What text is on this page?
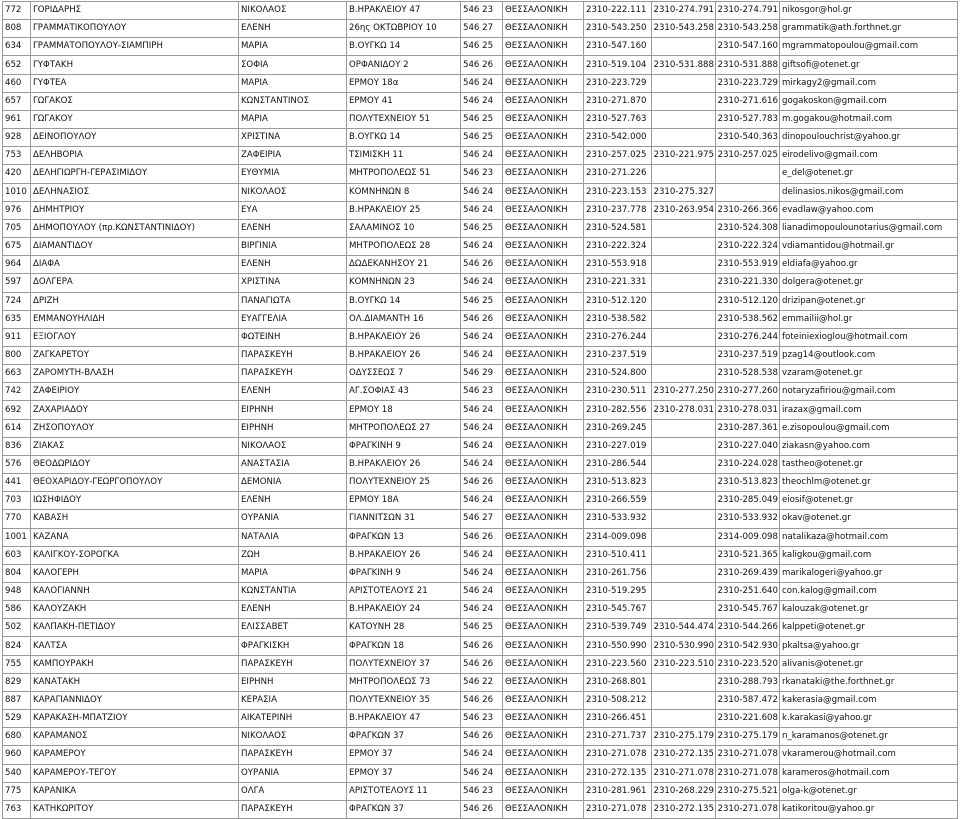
772	ΓΟΡΙΔΑΡΗΣ	ΝΙΚΟΛΑΟΣ	Β.ΗΡΑΚΛΕΙΟΥ 47	546 23	ΘΕΣΣΑΛΟΝΙΚΗ	2310-222.111	2310-274.791	2310-274.791	nikosgor@hol.gr
808	ΓΡΑΜΜΑΤΙΚΟΠΟΥΛΟΥ	ΕΛΕΝΗ	26ης ΟΚΤΩΒΡΙΟΥ 10	546 27	ΘΕΣΣΑΛΟΝΙΚΗ	2310-543.250	2310-543.258	2310-543.258	grammatik@ath.forthnet.gr
634	ΓΡΑΜΜΑΤΟΠΟΥΛΟΥ-ΣΙΑΜΠΙΡΗ	ΜΑΡΙΑ	Β.ΟΥΓΚΩ 14	546 25	ΘΕΣΣΑΛΟΝΙΚΗ	2310-547.160		2310-547.160	mgrammatopoulou@gmail.com
652	ΓΥΦΤΑΚΗ	ΣΟΦΙΑ	ΟΡΦΑΝΙΔΟΥ 2	546 26	ΘΕΣΣΑΛΟΝΙΚΗ	2310-519.104	2310-531.888	2310-531.888	giftsofi@otenet.gr
460	ΓΥΦΤΕΑ	ΜΑΡΙΑ	ΕΡΜΟΥ 18α	546 24	ΘΕΣΣΑΛΟΝΙΚΗ	2310-223.729		2310-223.729	mirkagy2@gmail.com
657	ΓΩΓΑΚΟΣ	ΚΩΝΣΤΑΝΤΙΝΟΣ	ΕΡΜΟΥ 41	546 24	ΘΕΣΣΑΛΟΝΙΚΗ	2310-271.870		2310-271.616	gogakoskon@gmail.com
961	ΓΩΓΑΚΟΥ	ΜΑΡΙΑ	ΠΟΛΥΤΕΧΝΕΙΟΥ 51	546 25	ΘΕΣΣΑΛΟΝΙΚΗ	2310-527.763		2310-527.783	m.gogakou@hotmail.com
928	ΔΕΙΝΟΠΟΥΛΟΥ	ΧΡΙΣΤΙΝΑ	Β.ΟΥΓΚΩ 14	546 25	ΘΕΣΣΑΛΟΝΙΚΗ	2310-542.000		2310-540.363	dinopoulouchrist@yahoo.gr
753	ΔΕΛΗΒΟΡΙΑ	ΖΑΦΕΙΡΙΑ	ΤΣΙΜΙΣΚΗ 11	546 24	ΘΕΣΣΑΛΟΝΙΚΗ	2310-257.025	2310-221.975	2310-257.025	eirodelivo@gmail.com
420	ΔΕΛΗΓΙΩΡΓΗ-ΓΕΡΑΣΙΜΙΔΟΥ	ΕΥΘΥΜΙΑ	ΜΗΤΡΟΠΟΛΕΩΣ 51	546 23	ΘΕΣΣΑΛΟΝΙΚΗ	2310-271.226			e_del@otenet.gr
1010	ΔΕΛΗΝΑΣΙΟΣ	ΝΙΚΟΛΑΟΣ	ΚΟΜΝΗΝΩΝ 8	546 24	ΘΕΣΣΑΛΟΝΙΚΗ	2310-223.153	2310-275.327		delinasios.nikos@gmail.com
976	ΔΗΜΗΤΡΙΟΥ	ΕΥΑ	Β.ΗΡΑΚΛΕΙΟΥ 25	546 24	ΘΕΣΣΑΛΟΝΙΚΗ	2310-237.778	2310-263.954	2310-266.366	evadlaw@yahoo.com
705	ΔΗΜΟΠΟΥΛΟΥ (πρ.ΚΩΝΣΤΑΝΤΙΝΙΔΟΥ)	ΕΛΕΝΗ	ΣΑΛΑΜΙΝΟΣ 10	546 25	ΘΕΣΣΑΛΟΝΙΚΗ	2310-524.581		2310-524.308	lianadimopoulounotarius@gmail.com
675	ΔΙΑΜΑΝΤΙΔΟΥ	ΒΙΡΓΙΝΙΑ	ΜΗΤΡΟΠΟΛΕΩΣ 28	546 24	ΘΕΣΣΑΛΟΝΙΚΗ	2310-222.324		2310-222.324	vdiamantidou@hotmail.gr
964	ΔΙΑΦΑ	ΕΛΕΝΗ	ΔΩΔΕΚΑΝΗΣΟΥ 21	546 26	ΘΕΣΣΑΛΟΝΙΚΗ	2310-553.918		2310-553.919	eldiafa@yahoo.gr
597	ΔΟΛΓΕΡΑ	ΧΡΙΣΤΙΝΑ	ΚΟΜΝΗΝΩΝ 23	546 24	ΘΕΣΣΑΛΟΝΙΚΗ	2310-221.331		2310-221.330	dolgera@otenet.gr
724	ΔΡΙΖΗ	ΠΑΝΑΓΙΩΤΑ	Β.ΟΥΓΚΩ 14	546 25	ΘΕΣΣΑΛΟΝΙΚΗ	2310-512.120		2310-512.120	drizipan@otenet.gr
635	ΕΜΜΑΝΟΥΗΛΙΔΗ	ΕΥΑΓΓΕΛΙΑ	ΟΛ.ΔΙΑΜΑΝΤΗ 16	546 26	ΘΕΣΣΑΛΟΝΙΚΗ	2310-538.582		2310-538.562	emmailii@hol.gr
911	ΕΞΙΟΓΛΟΥ	ΦΩΤΕΙΝΗ	Β.ΗΡΑΚΛΕΙΟΥ 26	546 24	ΘΕΣΣΑΛΟΝΙΚΗ	2310-276.244		2310-276.244	foteiniexioglou@hotmail.com
800	ΖΑΓΚΑΡΕΤΟΥ	ΠΑΡΑΣΚΕΥΗ	Β.ΗΡΑΚΛΕΙΟΥ 26	546 24	ΘΕΣΣΑΛΟΝΙΚΗ	2310-237.519		2310-237.519	pzag14@outlook.com
663	ΖΑΡΟΜΥΤΗ-ΒΛΑΣΗ	ΠΑΡΑΣΚΕΥΗ	ΟΔΥΣΣΕΩΣ 7	546 29	ΘΕΣΣΑΛΟΝΙΚΗ	2310-524.800		2310-528.538	vzaram@otenet.gr
742	ΖΑΦΕΙΡΙΟΥ	ΕΛΕΝΗ	ΑΓ.ΣΟΦΙΑΣ 43	546 23	ΘΕΣΣΑΛΟΝΙΚΗ	2310-230.511	2310-277.250	2310-277.260	notaryzafiriou@gmail.com
692	ΖΑΧΑΡΙΑΔΟΥ	ΕΙΡΗΝΗ	ΕΡΜΟΥ 18	546 24	ΘΕΣΣΑΛΟΝΙΚΗ	2310-282.556	2310-278.031	2310-278.031	irazax@gmail.com
614	ΖΗΣΟΠΟΥΛΟΥ	ΕΙΡΗΝΗ	ΜΗΤΡΟΠΟΛΕΩΣ 27	546 24	ΘΕΣΣΑΛΟΝΙΚΗ	2310-269.245		2310-287.361	e.zisopoulou@gmail.com
836	ΖΙΑΚΑΣ	ΝΙΚΟΛΑΟΣ	ΦΡΑΓΚΙΝΗ 9	546 24	ΘΕΣΣΑΛΟΝΙΚΗ	2310-227.019		2310-227.040	ziakasn@yahoo.com
576	ΘΕΟΔΩΡΙΔΟΥ	ΑΝΑΣΤΑΣΙΑ	Β.ΗΡΑΚΛΕΙΟΥ 26	546 24	ΘΕΣΣΑΛΟΝΙΚΗ	2310-286.544		2310-224.028	tastheo@otenet.gr
441	ΘΕΟΧΑΡΙΔΟΥ-ΓΕΩΡΓΟΠΟΥΛΟΥ	ΔΕΜΟΝΙΑ	ΠΟΛΥΤΕΧΝΕΙΟΥ 25	546 26	ΘΕΣΣΑΛΟΝΙΚΗ	2310-513.823		2310-513.823	theochlm@otenet.gr
703	ΙΩΣΗΦΙΔΟΥ	ΕΛΕΝΗ	ΕΡΜΟΥ 18Α	546 24	ΘΕΣΣΑΛΟΝΙΚΗ	2310-266.559		2310-285.049	eiosif@otenet.gr
770	ΚΑΒΑΣΗ	ΟΥΡΑΝΙΑ	ΓΙΑΝΝΙΤΣΩΝ 31	546 27	ΘΕΣΣΑΛΟΝΙΚΗ	2310-533.932		2310-533.932	okav@otenet.gr
1001	ΚΑΖΑΝΑ	ΝΑΤΑΛΙΑ	ΦΡΑΓΚΩΝ 13	546 26	ΘΕΣΣΑΛΟΝΙΚΗ	2314-009.098		2314-009.098	natalikaza@hotmail.com
603	ΚΑΛΙΓΚΟΥ-ΣΟΡΟΓΚΑ	ΖΩΗ	Β.ΗΡΑΚΛΕΙΟΥ 26	546 24	ΘΕΣΣΑΛΟΝΙΚΗ	2310-510.411		2310-521.365	kaligkou@gmail.com
804	ΚΑΛΟΓΕΡΗ	ΜΑΡΙΑ	ΦΡΑΓΚΙΝΗ 9	546 24	ΘΕΣΣΑΛΟΝΙΚΗ	2310-261.756		2310-269.439	marikalogeri@yahoo.gr
948	ΚΑΛΟΓΙΑΝΝΗ	ΚΩΝΣΤΑΝΤΙΑ	ΑΡΙΣΤΟΤΕΛΟΥΣ 21	546 24	ΘΕΣΣΑΛΟΝΙΚΗ	2310-519.295		2310-251.640	con.kalog@gmail.com
586	ΚΑΛΟΥΖΑΚΗ	ΕΛΕΝΗ	Β.ΗΡΑΚΛΕΙΟΥ 24	546 24	ΘΕΣΣΑΛΟΝΙΚΗ	2310-545.767		2310-545.767	kalouzak@otenet.gr
502	ΚΑΛΠΑΚΗ-ΠΕΤΙΔΟΥ	ΕΛΙΣΣΑΒΕΤ	ΚΑΤΟΥΝΗ 28	546 25	ΘΕΣΣΑΛΟΝΙΚΗ	2310-539.749	2310-544.474	2310-544.266	kalppeti@otenet.gr
824	ΚΑΛΤΣΑ	ΦΡΑΓΚΙΣΚΗ	ΦΡΑΓΚΩΝ 18	546 26	ΘΕΣΣΑΛΟΝΙΚΗ	2310-550.990	2310-530.990	2310-542.930	pkaltsa@yahoo.gr
755	ΚΑΜΠΟΥΡΑΚΗ	ΠΑΡΑΣΚΕΥΗ	ΠΟΛΥΤΕΧΝΕΙΟΥ 37	546 26	ΘΕΣΣΑΛΟΝΙΚΗ	2310-223.560	2310-223.510	2310-223.520	alivanis@otenet.gr
829	ΚΑΝΑΤΑΚΗ	ΕΙΡΗΝΗ	ΜΗΤΡΟΠΟΛΕΩΣ 73	546 22	ΘΕΣΣΑΛΟΝΙΚΗ	2310-268.801		2310-288.793	rkanataki@the.forthnet.gr
887	ΚΑΡΑΓΙΑΝΝΙΔΟΥ	ΚΕΡΑΣΙΑ	ΠΟΛΥΤΕΧΝΕΙΟΥ 35	546 26	ΘΕΣΣΑΛΟΝΙΚΗ	2310-508.212		2310-587.472	kakerasia@gmail.com
529	ΚΑΡΑΚΑΣΗ-ΜΠΑΤΖΙΟΥ	ΑΙΚΑΤΕΡΙΝΗ	Β.ΗΡΑΚΛΕΙΟΥ 47	546 23	ΘΕΣΣΑΛΟΝΙΚΗ	2310-266.451		2310-221.608	k.karakasi@yahoo.gr
680	ΚΑΡΑΜΑΝΟΣ	ΝΙΚΟΛΑΟΣ	ΦΡΑΓΚΩΝ 37	546 26	ΘΕΣΣΑΛΟΝΙΚΗ	2310-271.737	2310-275.179	2310-275.179	n_karamanos@otenet.gr
960	ΚΑΡΑΜΕΡΟΥ	ΠΑΡΑΣΚΕΥΗ	ΕΡΜΟΥ 37	546 24	ΘΕΣΣΑΛΟΝΙΚΗ	2310-271.078	2310-272.135	2310-271.078	vkaramerou@hotmail.com
540	ΚΑΡΑΜΕΡΟΥ-ΤΕΓΟΥ	ΟΥΡΑΝΙΑ	ΕΡΜΟΥ 37	546 24	ΘΕΣΣΑΛΟΝΙΚΗ	2310-272.135	2310-271.078	2310-271.078	karameros@hotmail.com
775	ΚΑΡΑΝΙΚΑ	ΟΛΓΑ	ΑΡΙΣΤΟΤΕΛΟΥΣ 11	546 23	ΘΕΣΣΑΛΟΝΙΚΗ	2310-281.961	2310-268.229	2310-275.521	olga-k@otenet.gr
763	ΚΑΤΗΚΩΡΙΤΟΥ	ΠΑΡΑΣΚΕΥΗ	ΦΡΑΓΚΩΝ 37	546 26	ΘΕΣΣΑΛΟΝΙΚΗ	2310-271.078	2310-272.135	2310-271.078	katikoritou@yahoo.gr
